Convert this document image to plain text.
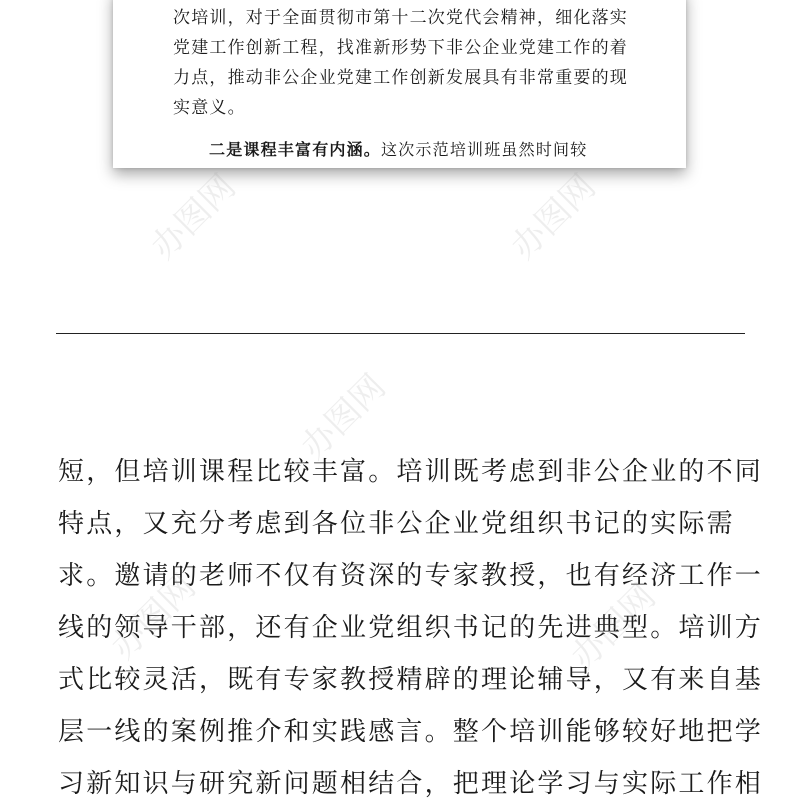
次培训，对于全面贯彻市第十二次党代会精神，细化落实
党建工作创新工程，找准新形势下非公企业党建工作的着
力点，推动非公企业党建工作创新发展具有非常重要的现
实意义。
二是课程丰富有内涵。这次示范培训班虽然时间较
短，但培训课程比较丰富。培训既考虑到非公企业的不同
特点，又充分考虑到各位非公企业党组织书记的实际需
求。邀请的老师不仅有资深的专家教授，也有经济工作一
线的领导干部，还有企业党组织书记的先进典型。培训方
式比较灵活，既有专家教授精辟的理论辅导，又有来自基
层一线的案例推介和实践感言。整个培训能够较好地把学
习新知识与研究新问题相结合，把理论学习与实际工作相
办图网	办图网
办图网
办图网	办图网
